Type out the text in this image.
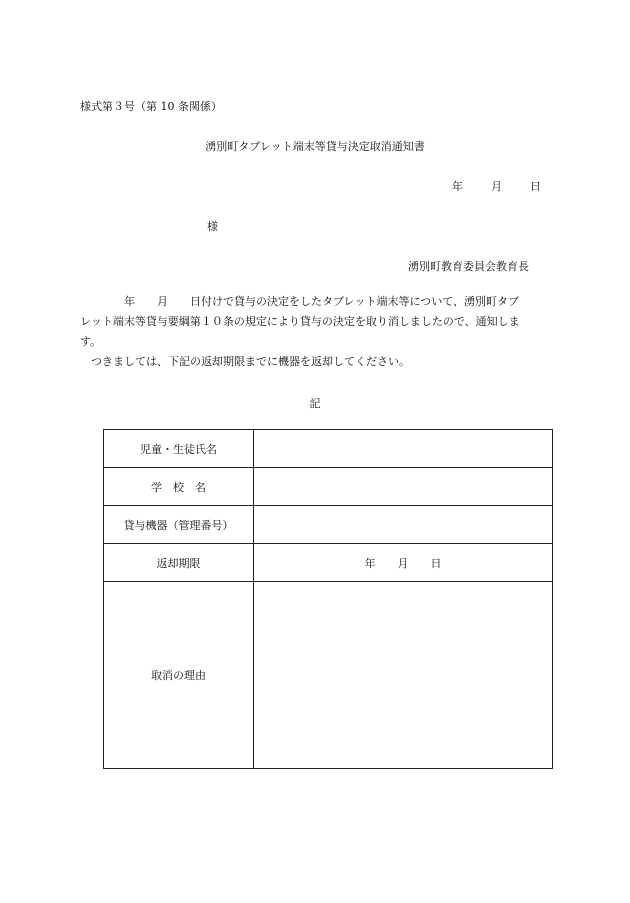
様式第３号（第 10 条関係）
湧別町タブレット端末等貸与決定取消通知書
年	月	日
様
湧別町教育委員会教育長

年　　月　　日付けで貸与の決定をしたタブレット端末等について、湧別町タブ

レット端末等貸与要綱第１０条の規定により貸与の決定を取り消しましたので、通知しま

す。

つきましては、下記の返却期限までに機器を返却してください。

記
児童・生徒氏名	
学校名	
貸与機器（管理番号）	
返却期限	年　　月　　日
取消の理由	
